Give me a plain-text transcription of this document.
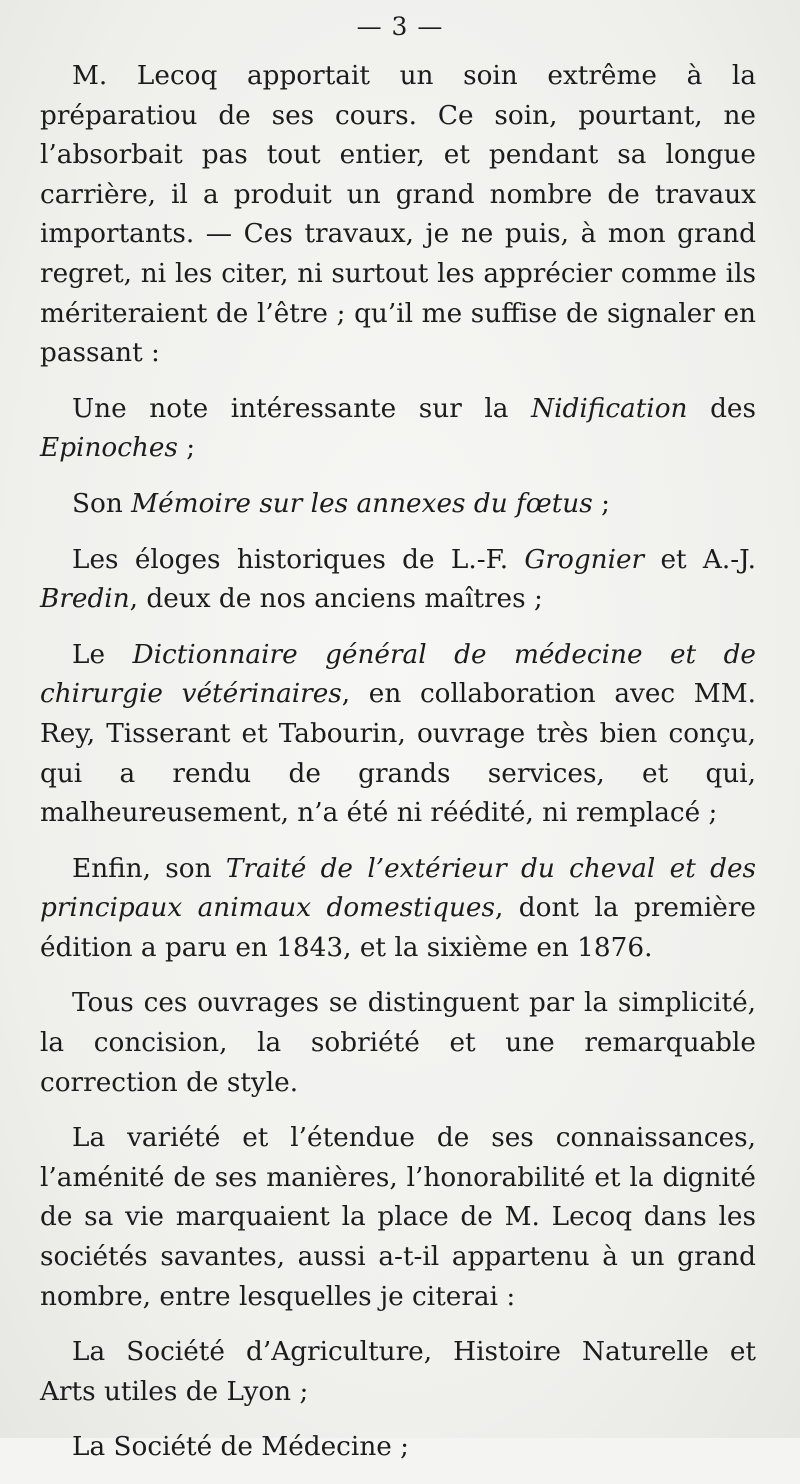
— 3 —

M. Lecoq apportait un soin extrême à la préparatiou de ses cours. Ce soin, pourtant, ne l’absorbait pas tout entier, et pendant sa longue carrière, il a produit un grand nombre de travaux importants. — Ces travaux, je ne puis, à mon grand regret, ni les citer, ni surtout les apprécier comme ils mériteraient de l’être ; qu’il me suffise de signaler en passant :

Une note intéressante sur la Nidification des Epinoches ;

Son Mémoire sur les annexes du fœtus ;

Les éloges historiques de L.-F. Grognier et A.-J. Bredin, deux de nos anciens maîtres ;

Le Dictionnaire général de médecine et de chirurgie vétérinaires, en collaboration avec MM. Rey, Tisserant et Tabourin, ouvrage très bien conçu, qui a rendu de grands services, et qui, malheureusement, n’a été ni réédité, ni remplacé ;

Enfin, son Traité de l’extérieur du cheval et des principaux animaux domestiques, dont la première édition a paru en 1843, et la sixième en 1876.

Tous ces ouvrages se distinguent par la simplicité, la concision, la sobriété et une remarquable correction de style.

La variété et l’étendue de ses connaissances, l’aménité de ses manières, l’honorabilité et la dignité de sa vie marquaient la place de M. Lecoq dans les sociétés savantes, aussi a-t-il appartenu à un grand nombre, entre lesquelles je citerai :

La Société d’Agriculture, Histoire Naturelle et Arts utiles de Lyon ;

La Société de Médecine ;
